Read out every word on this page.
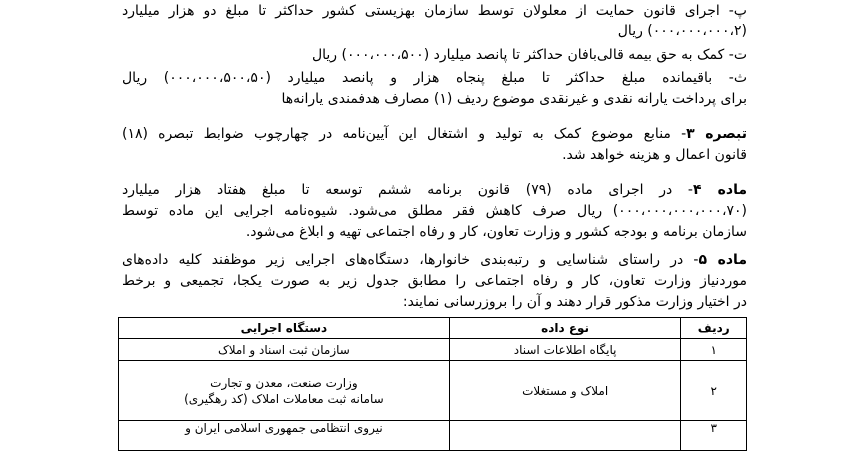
پ- اجرای قانون حمایت از معلولان توسط سازمان بهزیستی کشور حداکثر تا مبلغ دو هزار میلیارد
(۰۰۰،۰۰۰،۰۰۰،۲) ریال
ت- کمک به حق بیمه قالی‌بافان حداکثر تا پانصد میلیارد (۰۰۰،۰۰۰،۵۰۰) ریال
ث- باقیمانده مبلغ حداکثر تا مبلغ پنجاه هزار و پانصد میلیارد (۰۰۰،۰۰۰،۵۰۰،۵۰) ریال
برای پرداخت یارانه نقدی و غیرنقدی موضوع ردیف (۱) مصارف هدفمندی یارانه‌ها
تبصره ۳- منابع موضوع کمک به تولید و اشتغال این آیین‌نامه در چهارچوب ضوابط تبصره (۱۸)
قانون اعمال و هزینه خواهد شد.
ماده ۴- در اجرای ماده (۷۹) قانون برنامه ششم توسعه تا مبلغ هفتاد هزار میلیارد
(۰۰۰،۰۰۰،۰۰۰،۰۰۰،۷۰) ریال صرف کاهش فقر مطلق می‌شود. شیوه‌نامه اجرایی این ماده توسط
سازمان برنامه و بودجه کشور و وزارت تعاون، کار و رفاه اجتماعی تهیه و ابلاغ می‌شود.
ماده ۵- در راستای شناسایی و رتبه‌بندی خانوارها، دستگاه‌های اجرایی زیر موظفند کلیه داده‌های
موردنیاز وزارت تعاون، کار و رفاه اجتماعی را مطابق جدول زیر به صورت یکجا، تجمیعی و برخط
در اختیار وزارت مذکور قرار دهند و آن را بروزرسانی نمایند:
ردیف	نوع داده	دستگاه اجرایی
۱	پایگاه اطلاعات اسناد	سازمان ثبت اسناد و املاک
۲	املاک و مستغلات	وزارت صنعت، معدن و تجارت
سامانه ثبت معاملات املاک (کد رهگیری)

۳		نیروی انتظامی جمهوری اسلامی ایران و
